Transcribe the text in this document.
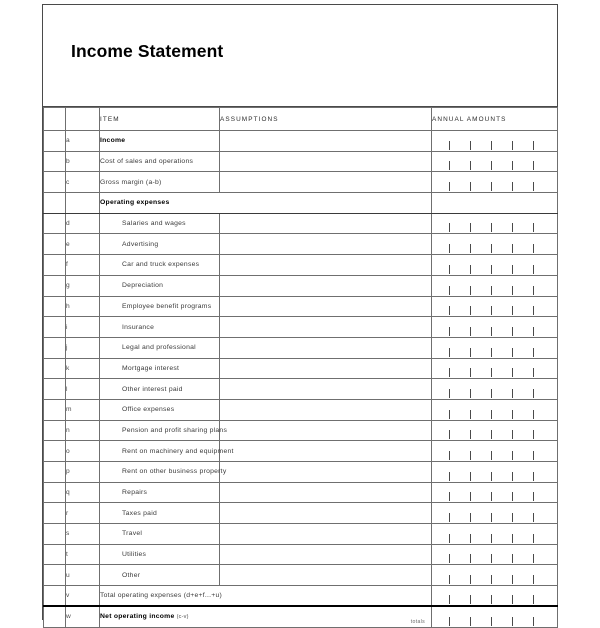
Income Statement
		ITEM	ASSUMPTIONS	ANNUAL AMOUNTS
	a	Income		

	b	Cost of sales and operations		

	c	Gross margin (a-b)		

		Operating expenses		
	d	Salaries and wages		

	e	Advertising		

	f	Car and truck expenses		

	g	Depreciation		

	h	Employee benefit programs		

	i	Insurance		

	j	Legal and professional		

	k	Mortgage interest		

	l	Other interest paid		

	m	Office expenses		

	n	Pension and profit sharing plans		

	o	Rent on machinery and equipment		

	p	Rent on other business property		

	q	Repairs		

	r	Taxes paid		

	s	Travel		

	t	Utilities		

	u	Other		

	v	Total operating expenses (d+e+f...+u)		

	w	Net operating income (c-v)
totals		
